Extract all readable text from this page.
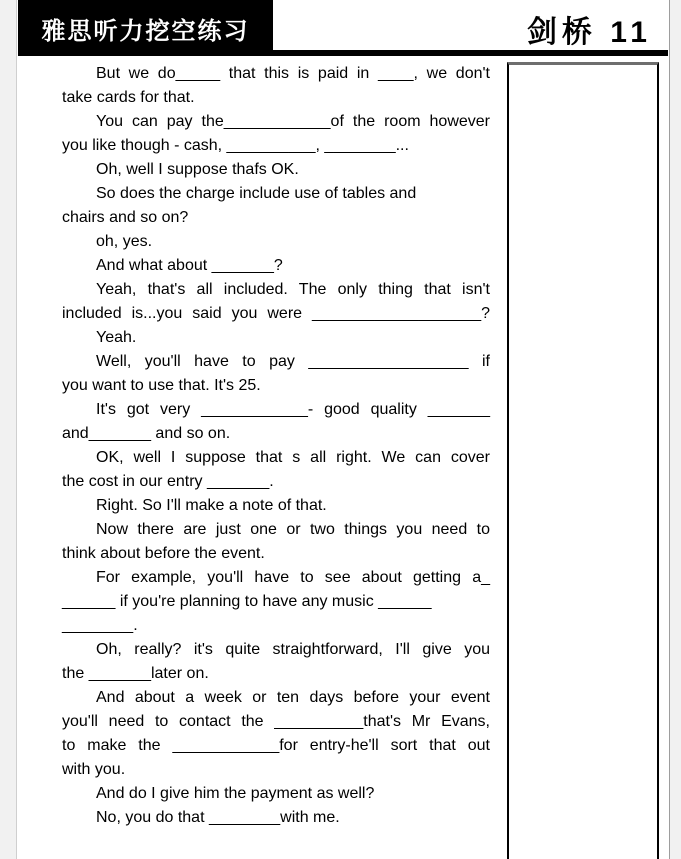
雅思听力挖空练习	剑桥 11
But we do_____ that this is paid in ____, we don't
take cards for that.
You can pay the____________of the room however
you like though - cash, __________, ________...
Oh, well I suppose thafs OK.
So does the charge include use of tables and
chairs and so on?
oh, yes.
And what about _______?
Yeah, that's all included. The only thing that isn't
included is...you said you were ___________________?
Yeah.
Well, you'll have to pay __________________ if
you want to use that. It's 25.
It's got very ____________- good quality _______
and_______ and so on.
OK, well I suppose that s all right. We can cover
the cost in our entry _______.
Right. So I'll make a note of that.
Now there are just one or two things you need to
think about before the event.
For example, you'll have to see about getting a_
______ if you're planning to have any music ______
________.
Oh, really? it's quite straightforward, I'll give you
the _______later on.
And about a week or ten days before your event
you'll need to contact the __________that's Mr Evans,
to make the ____________for entry-he'll sort that out
with you.
And do I give him the payment as well?
No, you do that ________with me.
